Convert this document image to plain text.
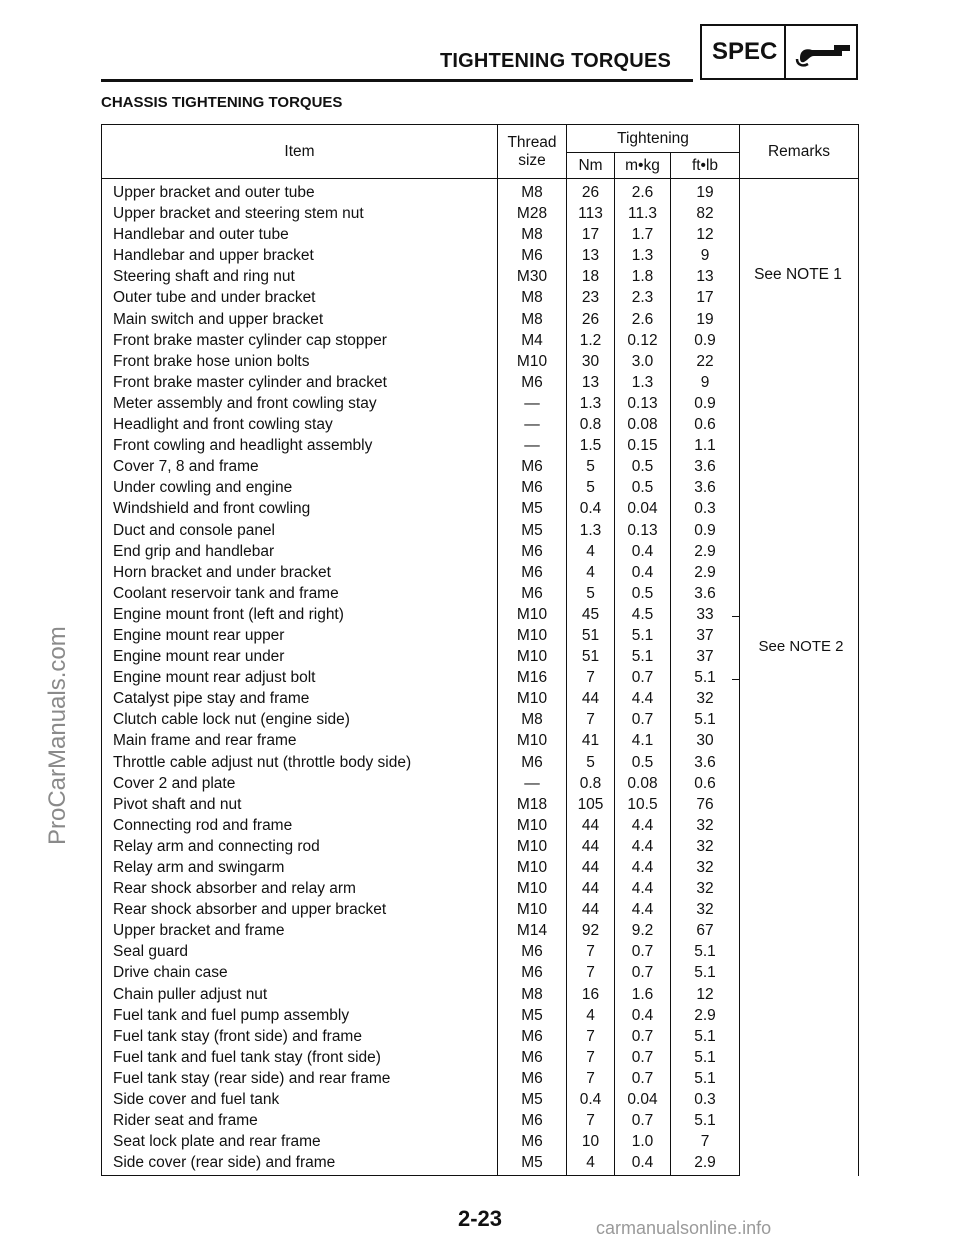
TIGHTENING TORQUES SPEC
CHASSIS TIGHTENING TORQUES
Item	Thread size	Tightening			Remarks
		Nm	m•kg	ft•lb	
Upper bracket and outer tube	M8	26	2.6	19	
Upper bracket and steering stem nut	M28	113	11.3	82	
Handlebar and outer tube	M8	17	1.7	12	
Handlebar and upper bracket	M6	13	1.3	9	
Steering shaft and ring nut	M30	18	1.8	13	
Outer tube and under bracket	M8	23	2.3	17	
Main switch and upper bracket	M8	26	2.6	19	
Front brake master cylinder cap stopper	M4	1.2	0.12	0.9	
Front brake hose union bolts	M10	30	3.0	22	
Front brake master cylinder and bracket	M6	13	1.3	9	
Meter assembly and front cowling stay	—	1.3	0.13	0.9	
Headlight and front cowling stay	—	0.8	0.08	0.6	
Front cowling and headlight assembly	—	1.5	0.15	1.1	
Cover 7, 8 and frame	M6	5	0.5	3.6	
Under cowling and engine	M6	5	0.5	3.6	
Windshield and front cowling	M5	0.4	0.04	0.3	
Duct and console panel	M5	1.3	0.13	0.9	
End grip and handlebar	M6	4	0.4	2.9	
Horn bracket and under bracket	M6	4	0.4	2.9	
Coolant reservoir tank and frame	M6	5	0.5	3.6	
Engine mount front (left and right)	M10	45	4.5	33	
Engine mount rear upper	M10	51	5.1	37	
Engine mount rear under	M10	51	5.1	37	
Engine mount rear adjust bolt	M16	7	0.7	5.1	
Catalyst pipe stay and frame	M10	44	4.4	32	
Clutch cable lock nut (engine side)	M8	7	0.7	5.1	
Main frame and rear frame	M10	41	4.1	30	
Throttle cable adjust nut (throttle body side)	M6	5	0.5	3.6	
Cover 2 and plate	—	0.8	0.08	0.6	
Pivot shaft and nut	M18	105	10.5	76	
Connecting rod and frame	M10	44	4.4	32	
Relay arm and connecting rod	M10	44	4.4	32	
Relay arm and swingarm	M10	44	4.4	32	
Rear shock absorber and relay arm	M10	44	4.4	32	
Rear shock absorber and upper bracket	M10	44	4.4	32	
Upper bracket and frame	M14	92	9.2	67	
Seal guard	M6	7	0.7	5.1	
Drive chain case	M6	7	0.7	5.1	
Chain puller adjust nut	M8	16	1.6	12	
Fuel tank and fuel pump assembly	M5	4	0.4	2.9	
Fuel tank stay (front side) and frame	M6	7	0.7	5.1	
Fuel tank and fuel tank stay (front side)	M6	7	0.7	5.1	
Fuel tank stay (rear side) and rear frame	M6	7	0.7	5.1	
Side cover and fuel tank	M5	0.4	0.04	0.3	
Rider seat and frame	M6	7	0.7	5.1	
Seat lock plate and rear frame	M6	10	1.0	7	
Side cover (rear side) and frame	M5	4	0.4	2.9	
See NOTE 1
See NOTE 2
2-23
ProCarManuals.com
carmanualsonline.info
